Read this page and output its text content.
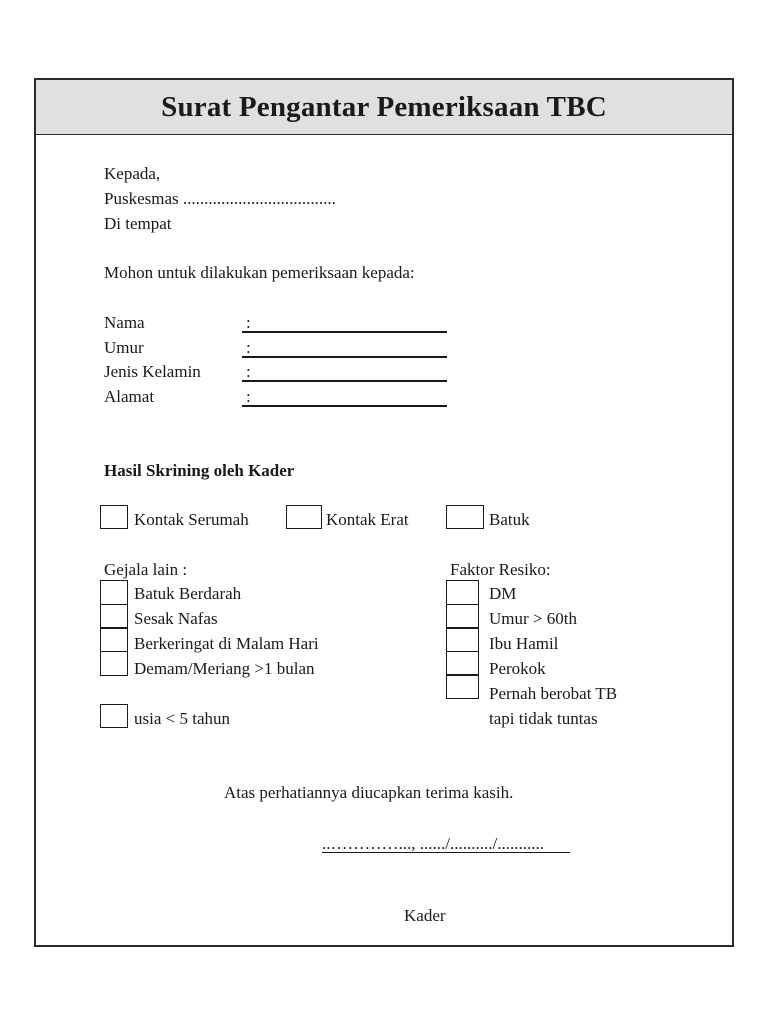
Surat Pengantar Pemeriksaan TBC
Kepada,
Puskesmas ....................................
Di tempat
Mohon untuk dilakukan pemeriksaan kepada:
Nama	:
Umur	:
Jenis Kelamin	:
Alamat	:
Hasil Skrining oleh Kader
Kontak Serumah	Kontak Erat	Batuk
Gejala lain :
Batuk Berdarah
Sesak Nafas
Berkeringat di Malam Hari
Demam/Meriang >1 bulan
usia < 5 tahun
Faktor Resiko:
DM
Umur > 60th
Ibu Hamil
Perokok
Pernah berobat TB
tapi tidak tuntas
Atas perhatiannya diucapkan terima kasih.
..…………..., ....../........../...........
Kader
